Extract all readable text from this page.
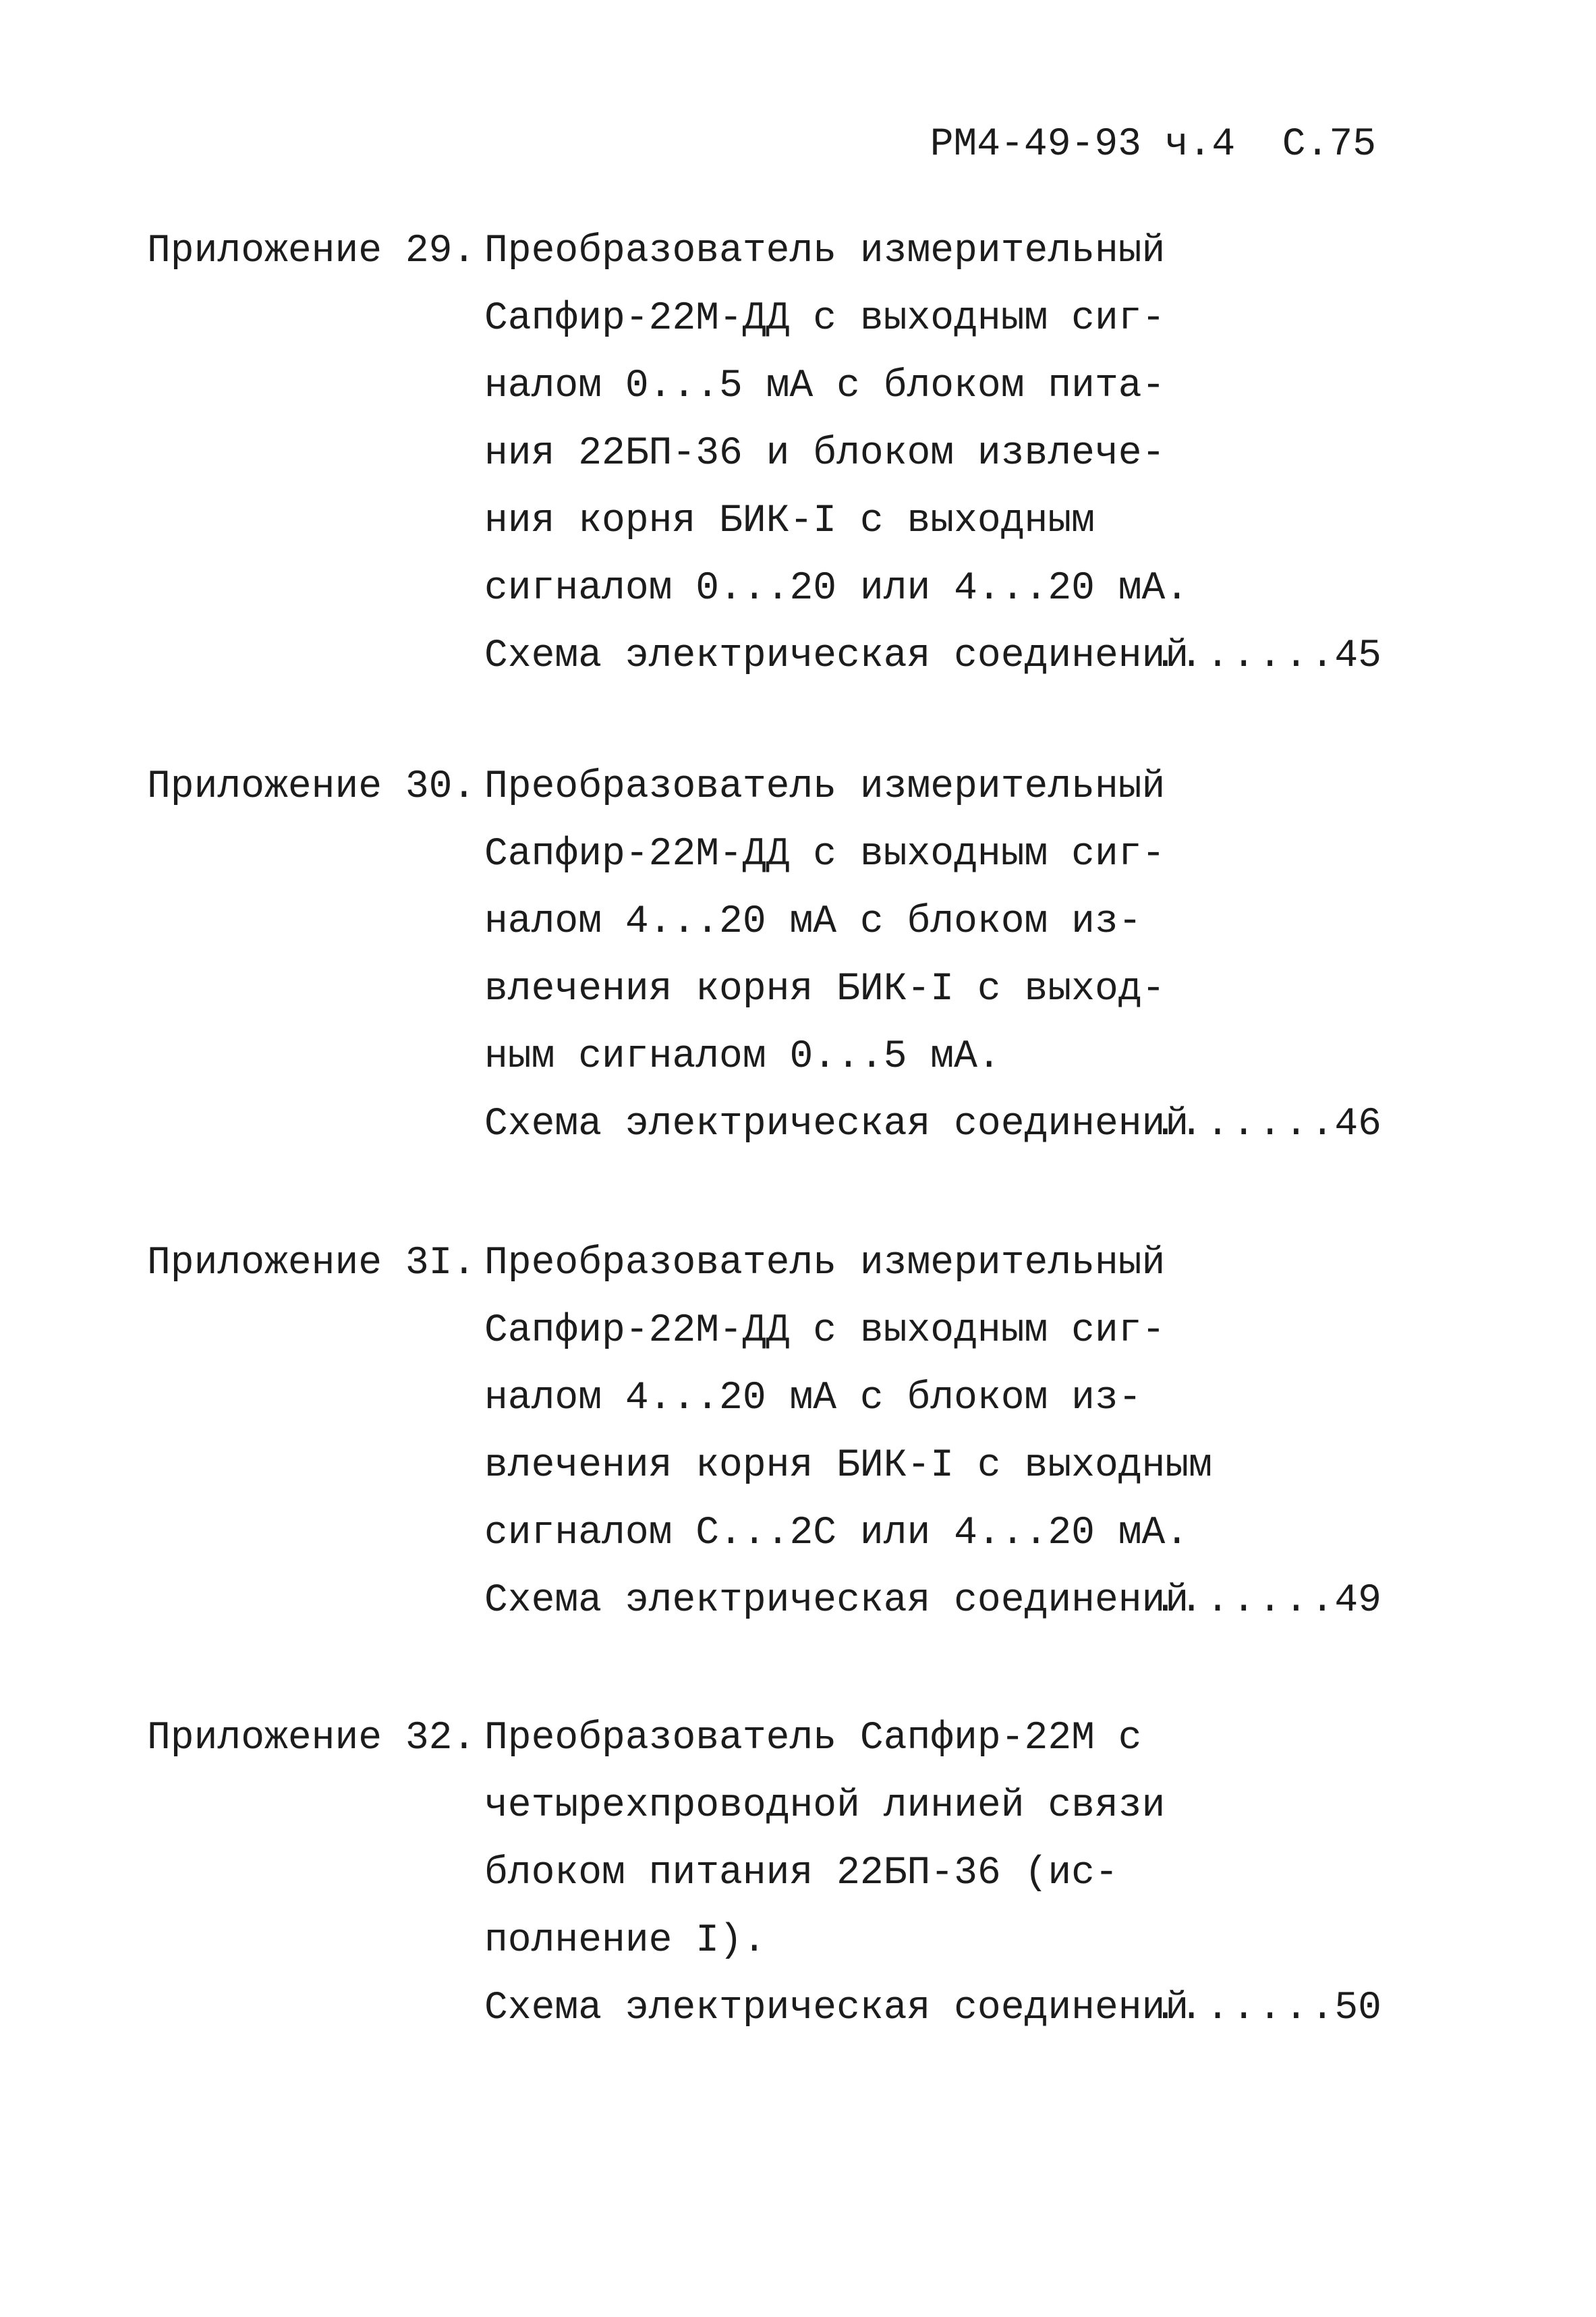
РМ4-49-93 ч.4  С.75
Приложение 29. Преобразователь измерительный
Сапфир-22М-ДД с выходным сиг-
налом 0...5 мА с блоком пита-
ния 22БП-36 и блоком извлече-
ния корня БИК-I с выходным
сигналом 0...20 или 4...20 мА.
Схема электрическая соединений
.......
45
Приложение 30. Преобразователь измерительный
Сапфир-22М-ДД с выходным сиг-
налом 4...20 мА с блоком из-
влечения корня БИК-I с выход-
ным сигналом 0...5 мА.
Схема электрическая соединений
.......
46
Приложение 3I. Преобразователь измерительный
Сапфир-22М-ДД с выходным сиг-
налом 4...20 мА с блоком из-
влечения корня БИК-I с выходным
сигналом С...2С или 4...20 мА.
Схема электрическая соединений
.......
49
Приложение 32. Преобразователь Сапфир-22М с
четырехпроводной линией связи
блоком питания 22БП-36 (ис-
полнение I).
Схема электрическая соединений
.......
50
